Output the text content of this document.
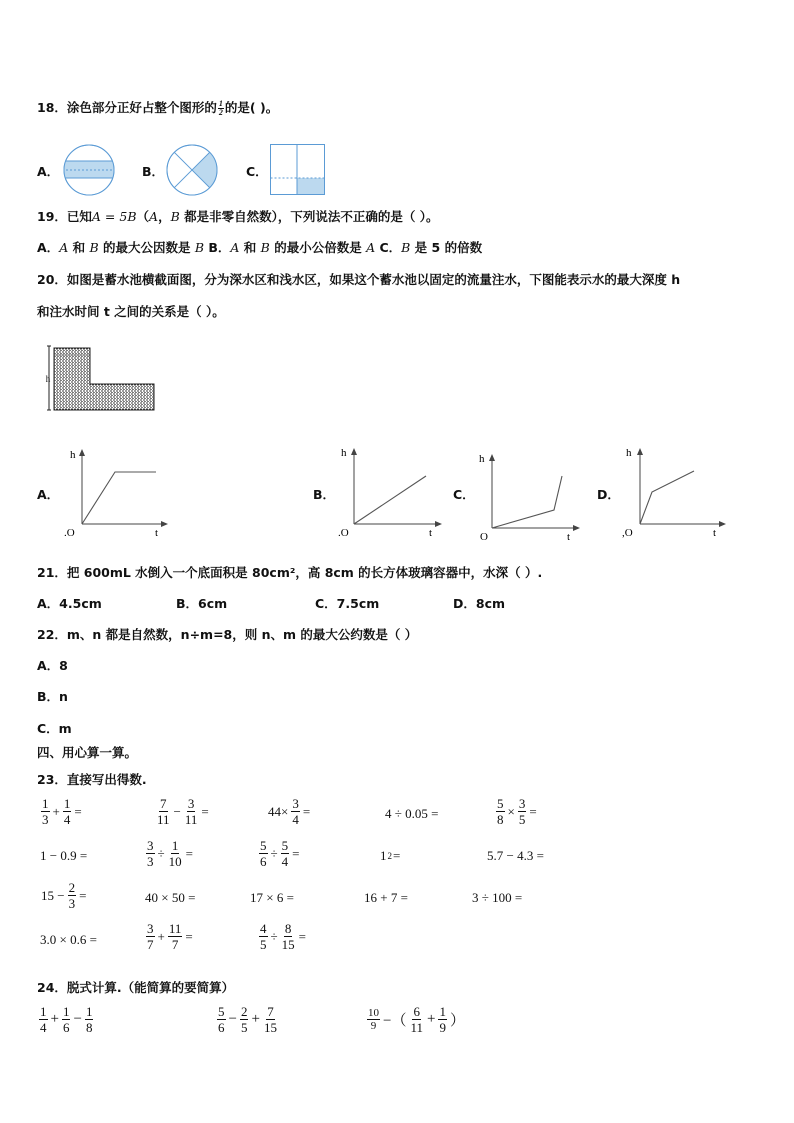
18．涂色部分正好占整个图形的 $\frac{1}{2}$ 的是( )。
A．	B．	C．
19．已知A = 5B（A，B 都是非零自然数），下列说法不正确的是（ ）。
A．A 和 B 的最大公因数是 B B．A 和 B 的最小公倍数是 A C．B 是 5 的倍数
20．如图是蓄水池横截面图，分为深水区和浅水区，如果这个蓄水池以固定的流量注水，下图能表示水的最大深度 h
和注水时间 t 之间的关系是（ ）。
h
A．
h
t
.O
B．
h
t
.O
C．
h
t
O
D．
h
t
,O
21．把 600mL 水倒入一个底面积是 80cm²，高 8cm 的长方体玻璃容器中，水深（ ）.
A．4.5cm	B．6cm	C．7.5cm	D．8cm
22．m、n 都是自然数，n÷m=8，则 n、m 的最大公约数是（ ）
A．8
B．n
C．m
四、用心算一算。
23．直接写出得数.
$\frac{1}{3} + \frac{1}{4}$ =	$\frac{7}{11} - \frac{3}{11}$ =	$44\times \frac{3}{4}$ =	4 ÷ 0.05 =	$\frac{5}{8} \times \frac{3}{5}$ =
1 − 0.9 =	$\frac{3}{3} \div \frac{1}{10}$ =	$\frac{5}{6} \div \frac{5}{4}$ =	1 2 =	5.7 − 4.3 =
$15 - \frac{2}{3}$ =	40 × 50 =	17 × 6 =	16 + 7 =	3 ÷ 100 =
3.0 × 0.6 =	$\frac{3}{7} + \frac{11}{7}$ =	$\frac{4}{5} \div \frac{8}{15}$ =
24．脱式计算.（能简算的要简算）
$\frac{1}{4} + \frac{1}{6} - \frac{1}{8}$	$\frac{5}{6} - \frac{2}{5} + \frac{7}{15}$	$\frac{10}{9}$ −（ $\frac{6}{11} + \frac{1}{9}$ ）
